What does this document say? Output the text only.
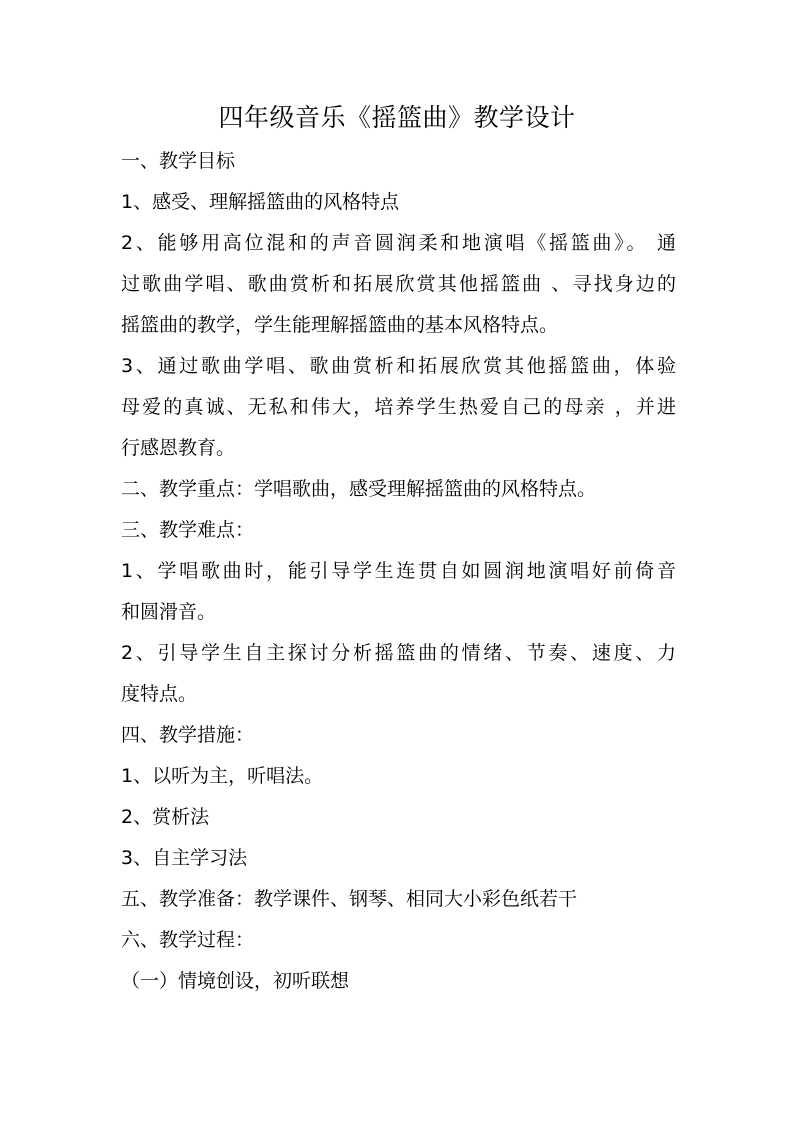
四年级音乐《摇篮曲》教学设计

一、教学目标

1、感受、理解摇篮曲的风格特点

2、能够用高位混和的声音圆润柔和地演唱《摇篮曲》。 通

过歌曲学唱、歌曲赏析和拓展欣赏其他摇篮曲 、寻找身边的

摇篮曲的教学，学生能理解摇篮曲的基本风格特点。

3、通过歌曲学唱、歌曲赏析和拓展欣赏其他摇篮曲，体验

母爱的真诚、无私和伟大，培养学生热爱自己的母亲 ，并进

行感恩教育。

二、教学重点：学唱歌曲，感受理解摇篮曲的风格特点。

三、教学难点：

1、学唱歌曲时，能引导学生连贯自如圆润地演唱好前倚音

和圆滑音。

2、引导学生自主探讨分析摇篮曲的情绪、节奏、速度、力

度特点。

四、教学措施：

1、以听为主，听唱法。

2、赏析法

3、自主学习法

五、教学准备：教学课件、钢琴、相同大小彩色纸若干

六、教学过程：

（一）情境创设，初听联想
